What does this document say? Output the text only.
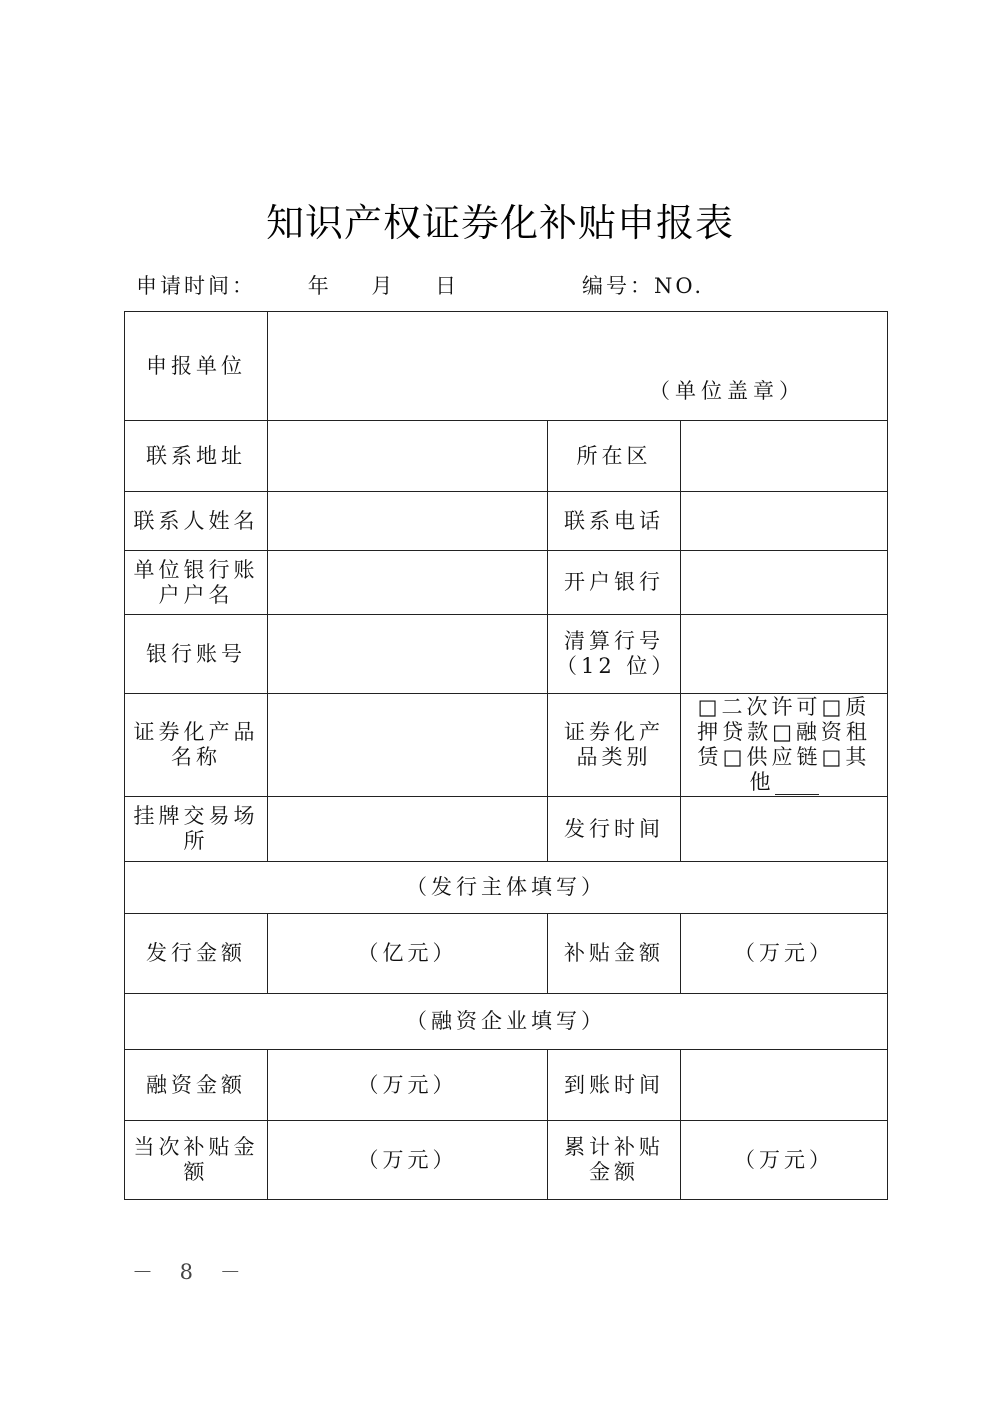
知识产权证券化补贴申报表
申请时间： 年 月 日	编号：NO.
申报单位	（单位盖章）		

联系地址		所在区	
联系人姓名		联系电话	
单位银行账户户名		开户银行	
银行账号		清算行号（12 位）	
证券化产品名称		证券化产品类别	□二次许可□质押贷款□融资租赁□供应链□其他
挂牌交易场所		发行时间	
（发行主体填写）			
发行金额	（亿元）	补贴金额	（万元）
（融资企业填写）			
融资金额	（万元）	到账时间	
当次补贴金额	（万元）	累计补贴金额	（万元）
－ 8 －
